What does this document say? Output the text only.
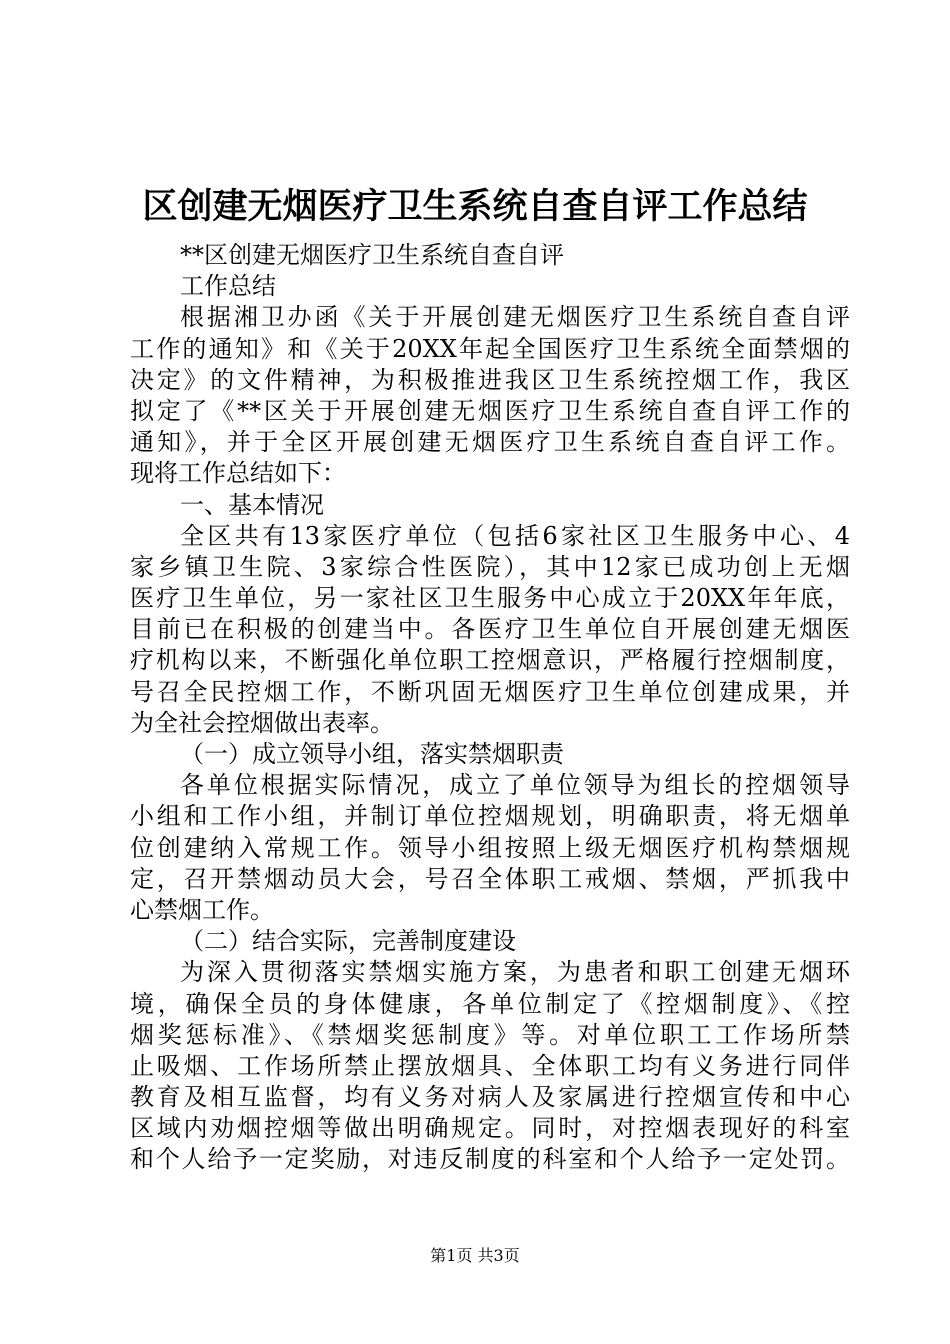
区创建无烟医疗卫生系统自查自评工作总结
**区创建无烟医疗卫生系统自查自评
工作总结
根据湘卫办函《关于开展创建无烟医疗卫生系统自查自评
工作的通知》和《关于20XX年起全国医疗卫生系统全面禁烟的
决定》的文件精神，为积极推进我区卫生系统控烟工作，我区
拟定了《**区关于开展创建无烟医疗卫生系统自查自评工作的
通知》，并于全区开展创建无烟医疗卫生系统自查自评工作。
现将工作总结如下：
一、基本情况
全区共有13家医疗单位（包括6家社区卫生服务中心、4
家乡镇卫生院、3家综合性医院），其中12家已成功创上无烟
医疗卫生单位，另一家社区卫生服务中心成立于20XX年年底，
目前已在积极的创建当中。各医疗卫生单位自开展创建无烟医
疗机构以来，不断强化单位职工控烟意识，严格履行控烟制度，
号召全民控烟工作，不断巩固无烟医疗卫生单位创建成果，并
为全社会控烟做出表率。
（一）成立领导小组，落实禁烟职责
各单位根据实际情况，成立了单位领导为组长的控烟领导
小组和工作小组，并制订单位控烟规划，明确职责，将无烟单
位创建纳入常规工作。领导小组按照上级无烟医疗机构禁烟规
定，召开禁烟动员大会，号召全体职工戒烟、禁烟，严抓我中
心禁烟工作。
（二）结合实际，完善制度建设
为深入贯彻落实禁烟实施方案，为患者和职工创建无烟环
境，确保全员的身体健康，各单位制定了《控烟制度》、《控
烟奖惩标准》、《禁烟奖惩制度》等。对单位职工工作场所禁
止吸烟、工作场所禁止摆放烟具、全体职工均有义务进行同伴
教育及相互监督，均有义务对病人及家属进行控烟宣传和中心
区域内劝烟控烟等做出明确规定。同时，对控烟表现好的科室
和个人给予一定奖励，对违反制度的科室和个人给予一定处罚。
第1页 共3页
